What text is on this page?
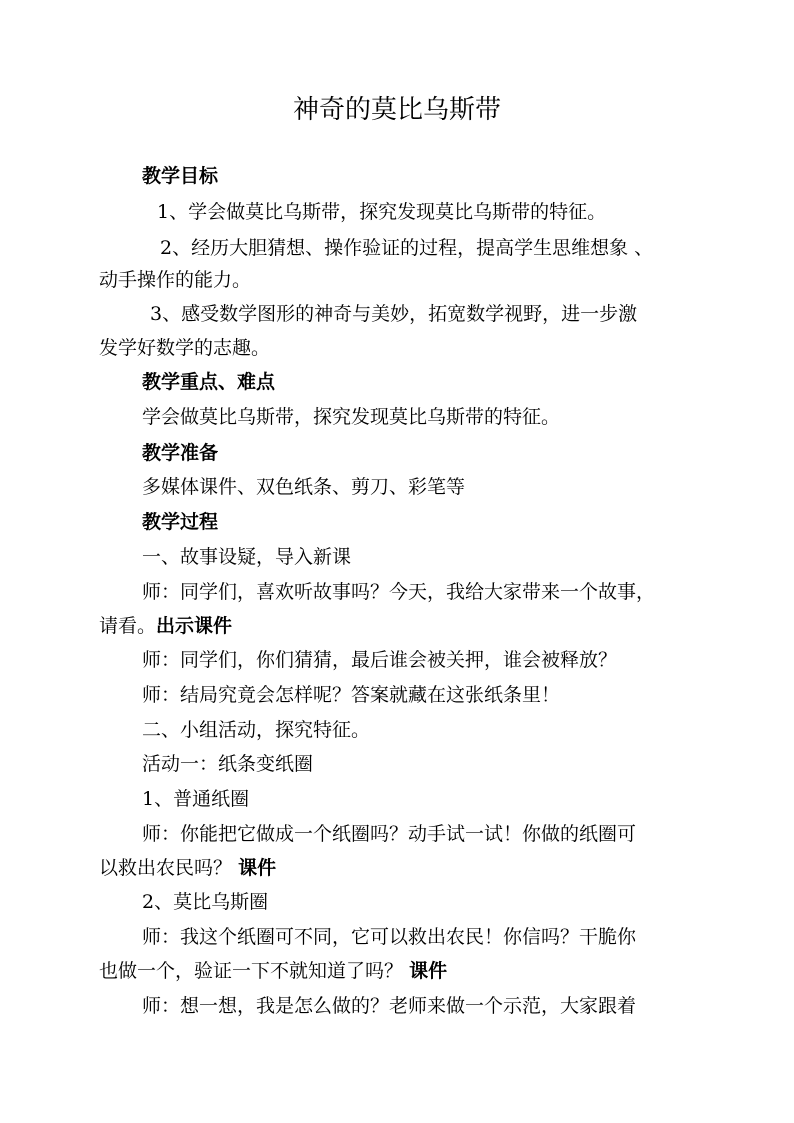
神奇的莫比乌斯带
教学目标
1、学会做莫比乌斯带，探究发现莫比乌斯带的特征。
2、经历大胆猜想、操作验证的过程，提高学生思维想象 、
动手操作的能力。
3、感受数学图形的神奇与美妙，拓宽数学视野，进一步激
发学好数学的志趣。
教学重点、难点
学会做莫比乌斯带，探究发现莫比乌斯带的特征。
教学准备
多媒体课件、双色纸条、剪刀、彩笔等
教学过程
一、故事设疑，导入新课
师：同学们，喜欢听故事吗？今天，我给大家带来一个故事，
请看。出示课件
师：同学们，你们猜猜，最后谁会被关押，谁会被释放？
师：结局究竟会怎样呢？答案就藏在这张纸条里！
二、小组活动，探究特征。
活动一：纸条变纸圈
1、普通纸圈
师：你能把它做成一个纸圈吗？动手试一试！你做的纸圈可
以救出农民吗？ 课件
2、莫比乌斯圈
师：我这个纸圈可不同，它可以救出农民！你信吗？干脆你
也做一个，验证一下不就知道了吗？ 课件
师：想一想，我是怎么做的？老师来做一个示范，大家跟着
